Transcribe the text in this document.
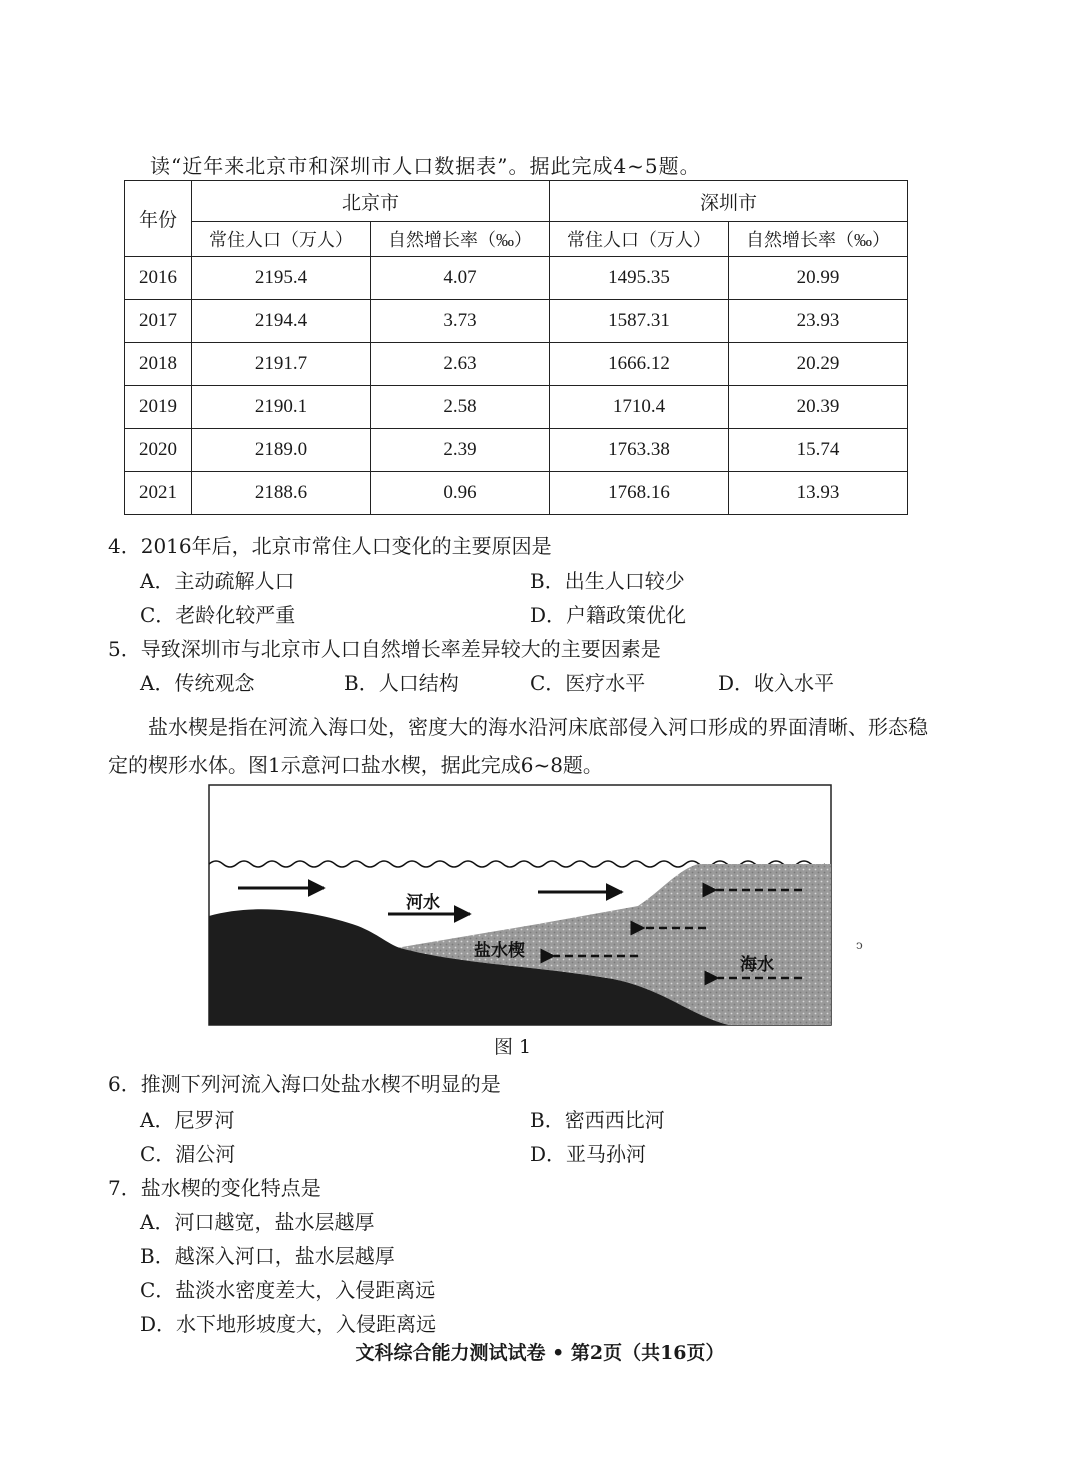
读“近年来北京市和深圳市人口数据表”。据此完成4~5题。
年份	北京市		深圳市	
	常住人口（万人）	自然增长率（‰）	常住人口（万人）	自然增长率（‰）
2016	2195.4	4.07	1495.35	20.99
2017	2194.4	3.73	1587.31	23.93
2018	2191.7	2.63	1666.12	20.29
2019	2190.1	2.58	1710.4	20.39
2020	2189.0	2.39	1763.38	15.74
2021	2188.6	0.96	1768.16	13.93
4．2016年后，北京市常住人口变化的主要原因是
A．主动疏解人口	B．出生人口较少
C．老龄化较严重	D．户籍政策优化
5．导致深圳市与北京市人口自然增长率差异较大的主要因素是
A．传统观念	B．人口结构	C．医疗水平	D．收入水平
盐水楔是指在河流入海口处，密度大的海水沿河床底部侵入河口形成的界面清晰、形态稳定的楔形水体。图1示意河口盐水楔，据此完成6~8题。
河水
盐水楔
海水
图 1
ↄ
6．推测下列河流入海口处盐水楔不明显的是
A．尼罗河	B．密西西比河
C．湄公河	D．亚马孙河
7．盐水楔的变化特点是
A．河口越宽，盐水层越厚
B．越深入河口，盐水层越厚
C．盐淡水密度差大，入侵距离远
D．水下地形坡度大，入侵距离远
文科综合能力测试试卷 • 第2页（共16页）
